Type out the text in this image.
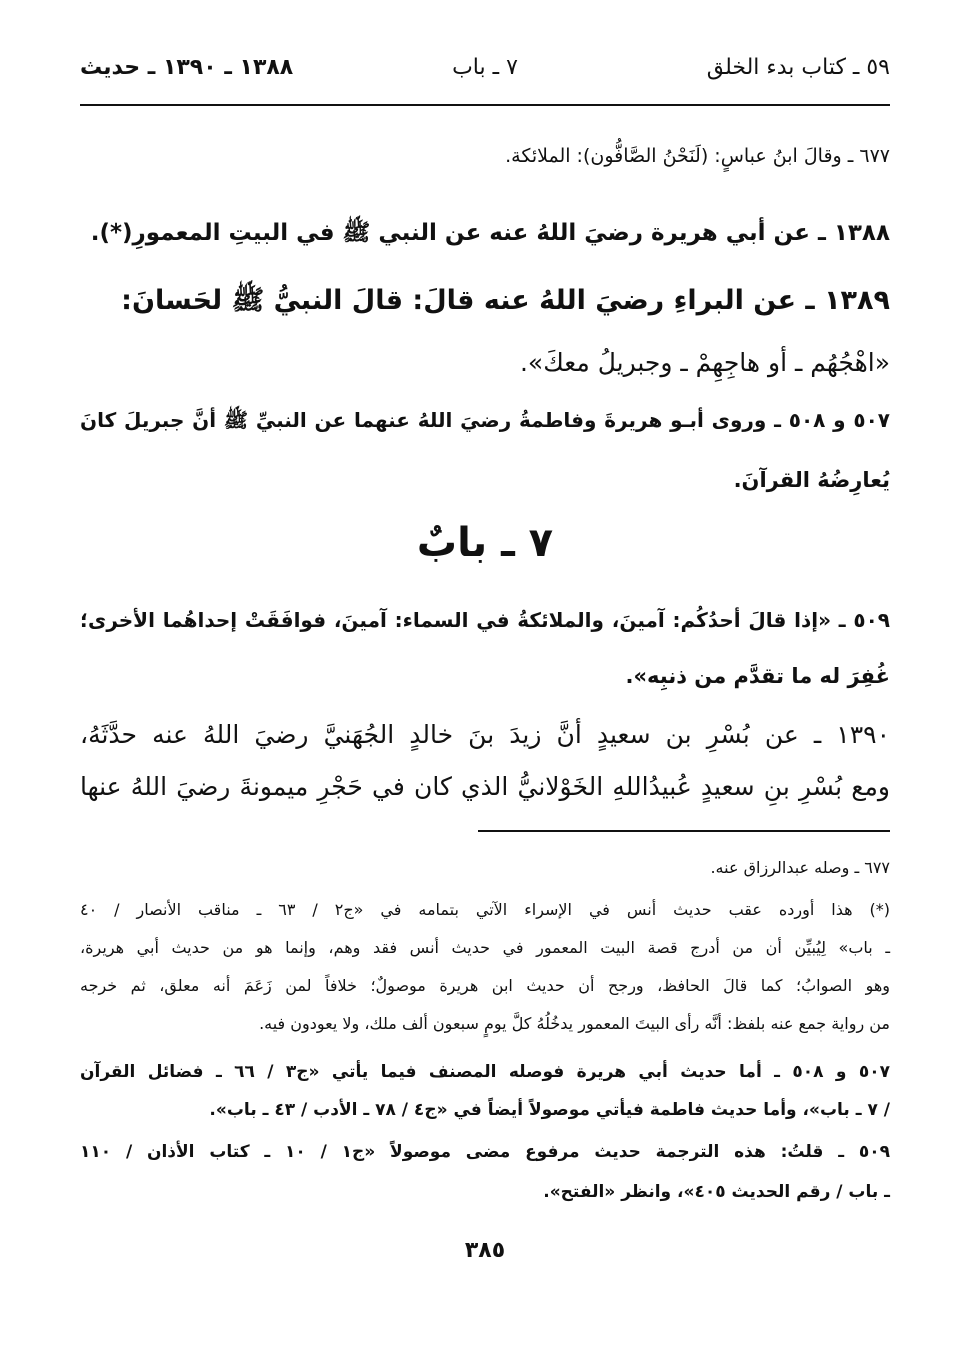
٥٩ ـ كتاب بدء الخلق
٧ ـ باب
١٣٨٨ ـ ١٣٩٠ ـ حديث
٦٧٧ ـ وقالَ ابنُ عباسٍ: (لَنَحْنُ الصَّافُّون): الملائكة.
١٣٨٨ ـ عن أبي هريرة رضيَ اللهُ عنه عن النبي ﷺ في البيتِ المعمورِ(*).
١٣٨٩ ـ عن البراءِ رضيَ اللهُ عنه قالَ: قالَ النبيُّ ﷺ لحَسانَ:
«اهْجُهُم ـ أو هاجِهِمْ ـ وجبريلُ معكَ».
٥٠٧ و ٥٠٨ ـ وروى أبـو هريرةَ وفاطمةُ رضيَ اللهُ عنهما عن النبيِّ ﷺ أنَّ جبريلَ كانَ
يُعارِضُهُ القرآنَ.
٧ ـ بابٌ
٥٠٩ ـ «إذا قالَ أحدُكُم: آمينَ، والملائكةُ في السماء: آمينَ، فوافَقَتْ إحداهُما الأخرى؛
غُفِرَ له ما تقدَّم من ذنبِه».
١٣٩٠ ـ عن بُسْرِ بن سعيدٍ أنَّ زيدَ بنَ خالدٍ الجُهَنيَّ رضيَ اللهُ عنه حدَّثَهُ،
ومع بُسْرِ بنِ سعيدٍ عُبيدُاللهِ الخَوْلانيُّ الذي كان في حَجْرِ ميمونةَ رضيَ اللهُ عنها
٦٧٧ ـ وصله عبدالرزاق عنه.
(*) هذا أورده عقب حديث أنس في الإسراء الآتي بتمامه في «ج٢ / ٦٣ ـ مناقب الأنصار / ٤٠
ـ باب» لِيُبيِّن أن من أدرج قصة البيت المعمور في حديث أنس فقد وهم، وإنما هو من حديث أبي هريرة،
وهو الصوابُ؛ كما قالَ الحافظ، ورجح أن حديث ابن هريرة موصولٌ؛ خلافاً لمن زَعَمَ أنه معلق، ثم خرجه
من رواية جمع عنه بلفظ: أنَّه رأى البيتَ المعمور يدخُلُهُ كلَّ يومٍ سبعون ألف ملك، ولا يعودون فيه.
٥٠٧ و ٥٠٨ ـ أما حديث أبي هريرة فوصله المصنف فيما يأتي «ج٣ / ٦٦ ـ فضائل القرآن
/ ٧ ـ باب»، وأما حديث فاطمة فيأتي موصولاً أيضاً في «ج٤ / ٧٨ ـ الأدب / ٤٣ ـ باب».
٥٠٩ ـ قلتُ: هذه الترجمة حديث مرفوع مضى موصولاً «ج١ / ١٠ ـ كتاب الأذان / ١١٠
ـ باب / رقم الحديث ٤٠٥»، وانظر «الفتح».
٣٨٥
